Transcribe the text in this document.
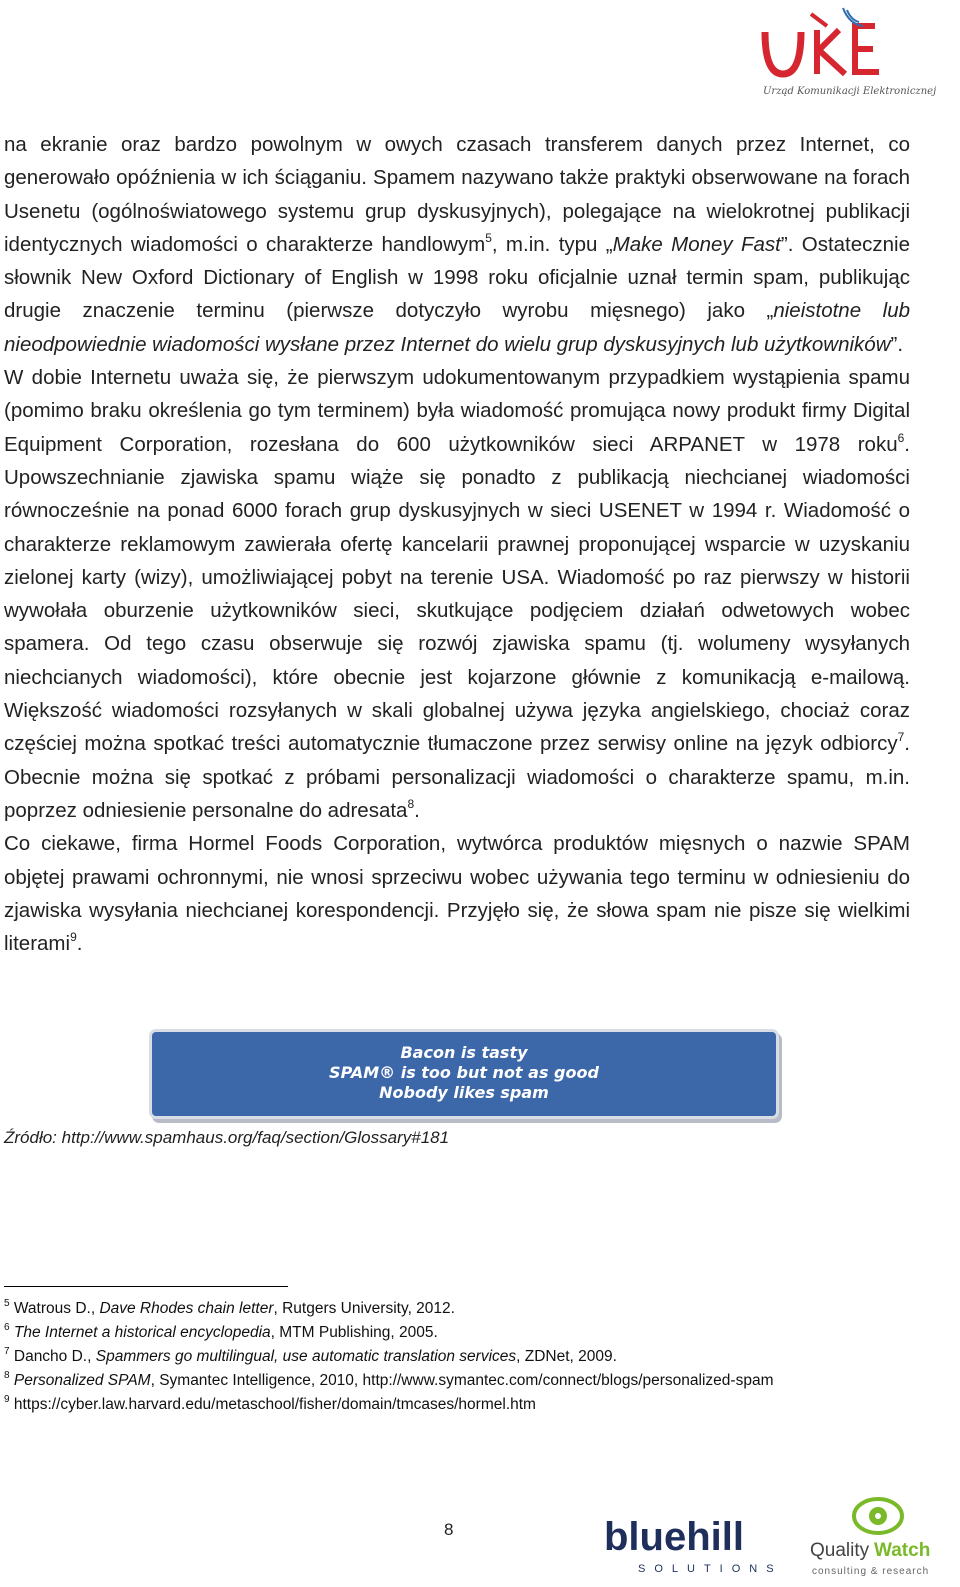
Urząd Komunikacji Elektronicznej

na ekranie oraz bardzo powolnym w owych czasach transferem danych przez Internet, co generowało opóźnienia w ich ściąganiu. Spamem nazywano także praktyki obserwowane na forach Usenetu (ogólnoświatowego systemu grup dyskusyjnych), polegające na wielokrotnej publikacji identycznych wiadomości o charakterze handlowym$^5$, m.in. typu „Make Money Fast”. Ostatecznie słownik New Oxford Dictionary of English w 1998 roku oficjalnie uznał termin spam, publikując drugie znaczenie terminu (pierwsze dotyczyło wyrobu mięsnego) jako „nieistotne lub nieodpowiednie wiadomości wysłane przez Internet do wielu grup dyskusyjnych lub użytkowników”.

W dobie Internetu uważa się, że pierwszym udokumentowanym przypadkiem wystąpienia spamu (pomimo braku określenia go tym terminem) była wiadomość promująca nowy produkt firmy Digital Equipment Corporation, rozesłana do 600 użytkowników sieci ARPANET w 1978 roku$^6$. Upowszechnianie zjawiska spamu wiąże się ponadto z publikacją niechcianej wiadomości równocześnie na ponad 6000 forach grup dyskusyjnych w sieci USENET w 1994 r. Wiadomość o charakterze reklamowym zawierała ofertę kancelarii prawnej proponującej wsparcie w uzyskaniu zielonej karty (wizy), umożliwiającej pobyt na terenie USA. Wiadomość po raz pierwszy w historii wywołała oburzenie użytkowników sieci, skutkujące podjęciem działań odwetowych wobec spamera. Od tego czasu obserwuje się rozwój zjawiska spamu (tj. wolumeny wysyłanych niechcianych wiadomości), które obecnie jest kojarzone głównie z komunikacją e-mailową. Większość wiadomości rozsyłanych w skali globalnej używa języka angielskiego, chociaż coraz częściej można spotkać treści automatycznie tłumaczone przez serwisy online na język odbiorcy$^7$. Obecnie można się spotkać z próbami personalizacji wiadomości o charakterze spamu, m.in. poprzez odniesienie personalne do adresata$^8$.

Co ciekawe, firma Hormel Foods Corporation, wytwórca produktów mięsnych o nazwie SPAM objętej prawami ochronnymi, nie wnosi sprzeciwu wobec używania tego terminu w odniesieniu do zjawiska wysyłania niechcianej korespondencji. Przyjęło się, że słowa spam nie pisze się wielkimi literami$^9$.

Bacon is tasty
SPAM® is too but not as good
Nobody likes spam
Źródło: http://www.spamhaus.org/faq/section/Glossary#181

$^5$ Watrous D., Dave Rhodes chain letter, Rutgers University, 2012.

$^6$ The Internet a historical encyclopedia, MTM Publishing, 2005.

$^7$ Dancho D., Spammers go multilingual, use automatic translation services, ZDNet, 2009.

$^8$ Personalized SPAM, Symantec Intelligence, 2010, http://www.symantec.com/connect/blogs/personalized-spam

$^9$ https://cyber.law.harvard.edu/metaschool/fisher/domain/tmcases/hormel.htm

8	bluehill
SOLUTIONS
Quality Watch
consulting & research
